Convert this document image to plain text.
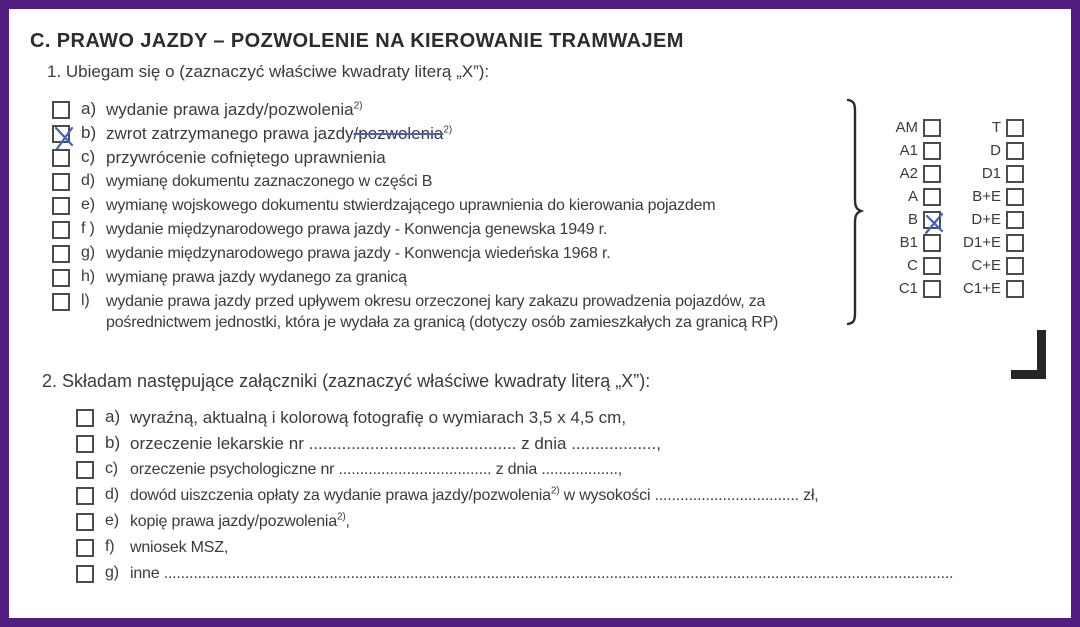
C. PRAWO JAZDY – POZWOLENIE NA KIEROWANIE TRAMWAJEM
1. Ubiegam się o (zaznaczyć właściwe kwadraty literą „X”):
a) wydanie prawa jazdy/pozwolenia$^{2)}$
b) zwrot zatrzymanego prawa jazdy/pozwolenia$^{2)}$
c) przywrócenie cofniętego uprawnienia
d) wymianę dokumentu zaznaczonego w części B
e) wymianę wojskowego dokumentu stwierdzającego uprawnienia do kierowania pojazdem
f ) wydanie międzynarodowego prawa jazdy - Konwencja genewska 1949 r.
g) wydanie międzynarodowego prawa jazdy - Konwencja wiedeńska 1968 r.
h) wymianę prawa jazdy wydanego za granicą
l)	wydanie prawa jazdy przed upływem okresu orzeczonej kary zakazu prowadzenia pojazdów, za pośrednictwem jednostki, która je wydała za granicą (dotyczy osób zamieszkałych za granicą RP)
AM	T
A1	D
A2	D1
A	B+E
B	D+E
B1	D1+E
C	C+E
C1	C1+E
2. Składam następujące załączniki (zaznaczyć właściwe kwadraty literą „X”):
a) wyraźną, aktualną i kolorową fotografię o wymiarach 3,5 x 4,5 cm,
b) orzeczenie lekarskie nr ............................................ z dnia ..................,
c) orzeczenie psychologiczne nr .................................... z dnia ..................,
d) dowód uiszczenia opłaty za wydanie prawa jazdy/pozwolenia$^{2)}$ w wysokości .................................. zł,
e) kopię prawa jazdy/pozwolenia$^{2)}$,
f) wniosek MSZ,
g) inne ..........................................................................................................................................................................................
